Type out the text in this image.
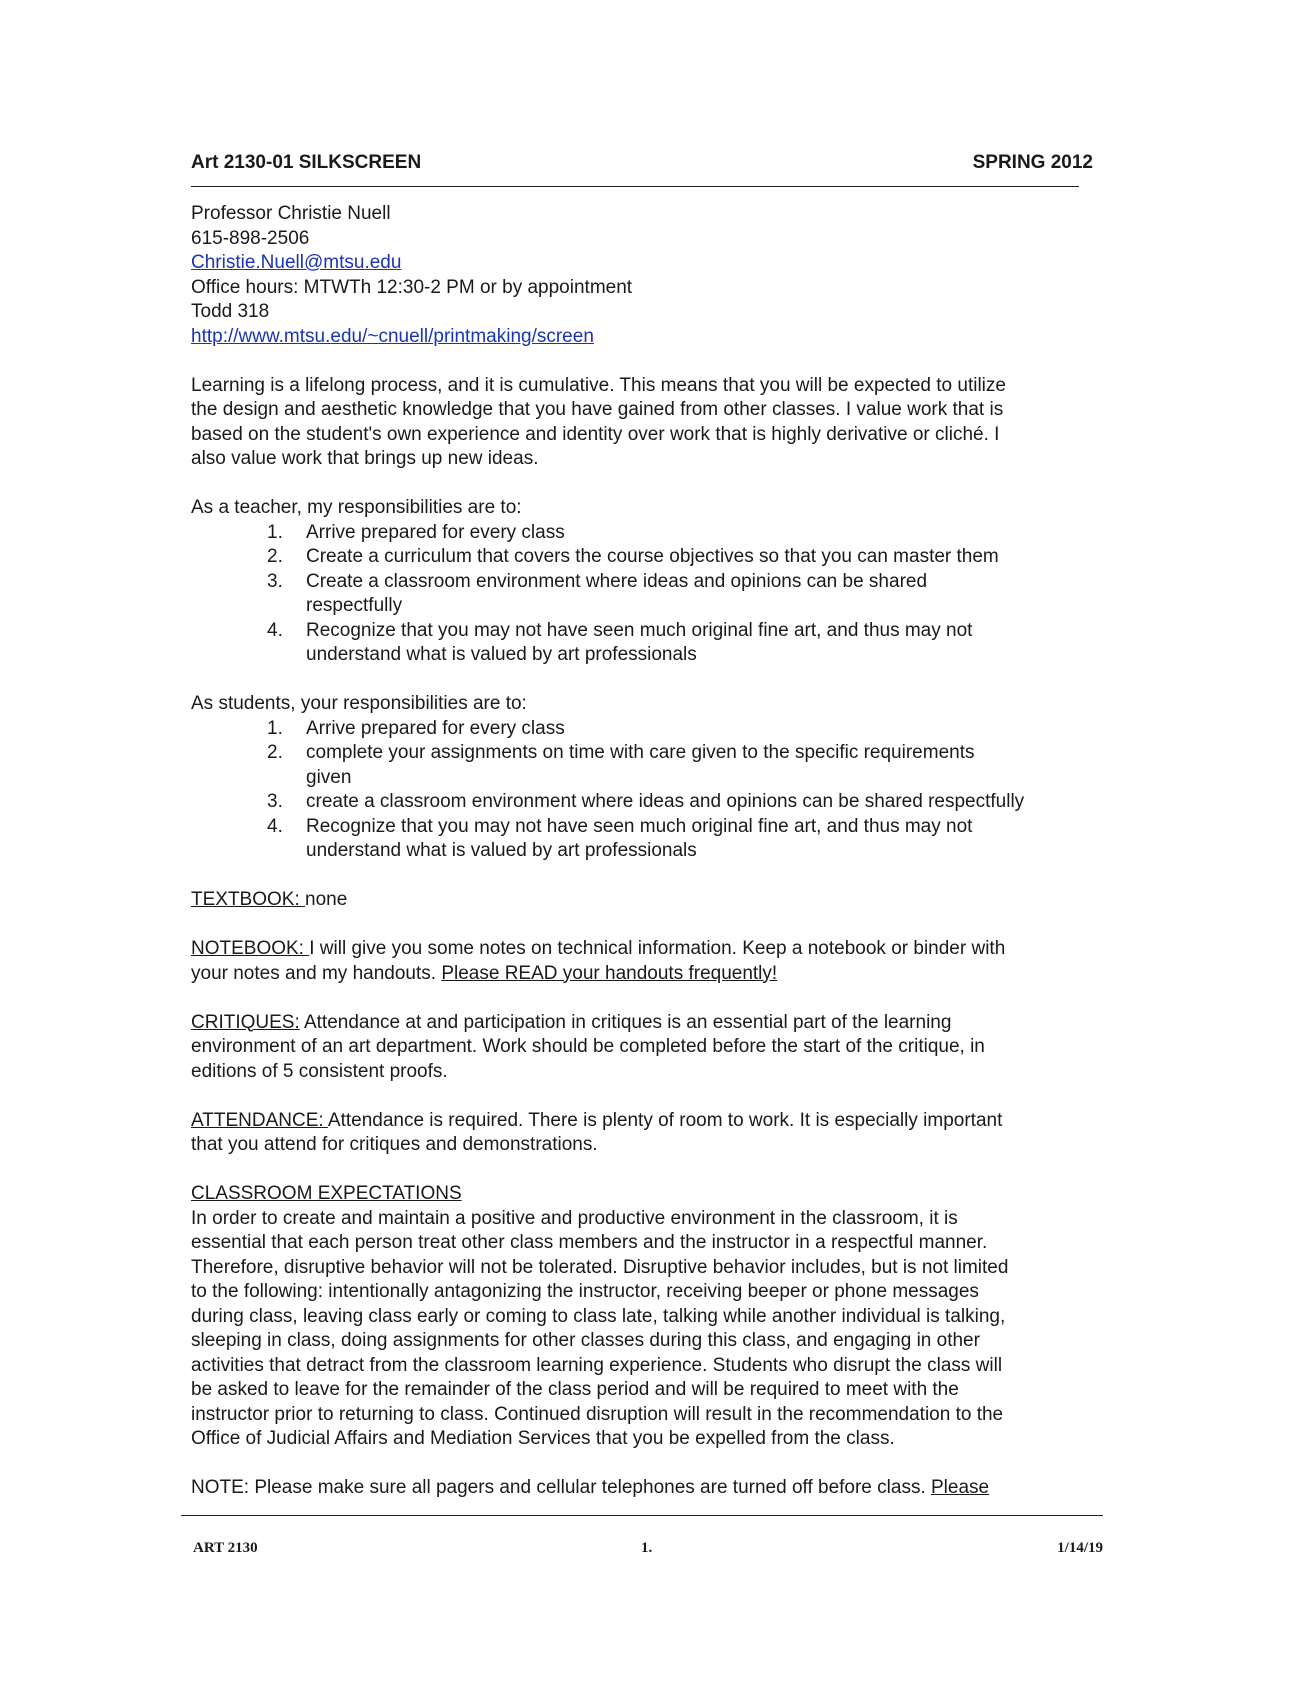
Art 2130-01 SILKSCREEN	SPRING 2012

Professor Christie Nuell

615-898-2506

Christie.Nuell@mtsu.edu

Office hours: MTWTh 12:30-2 PM or by appointment

Todd 318

http://www.mtsu.edu/~cnuell/printmaking/screen

Learning is a lifelong process, and it is cumulative. This means that you will be expected to utilize

the design and aesthetic knowledge that you have gained from other classes. I value work that is

based on the student's own experience and identity over work that is highly derivative or cliché. I

also value work that brings up new ideas.

As a teacher, my responsibilities are to:

1. Arrive prepared for every class
2. Create a curriculum that covers the course objectives so that you can master them
3. Create a classroom environment where ideas and opinions can be shared
respectfully
4. Recognize that you may not have seen much original fine art, and thus may not
understand what is valued by art professionals

As students, your responsibilities are to:

1. Arrive prepared for every class
2. complete your assignments on time with care given to the specific requirements
given
3. create a classroom environment where ideas and opinions can be shared respectfully
4. Recognize that you may not have seen much original fine art, and thus may not
understand what is valued by art professionals

TEXTBOOK: none

NOTEBOOK: I will give you some notes on technical information. Keep a notebook or binder with

your notes and my handouts. Please READ your handouts frequently!

CRITIQUES: Attendance at and participation in critiques is an essential part of the learning

environment of an art department. Work should be completed before the start of the critique, in

editions of 5 consistent proofs.

ATTENDANCE: Attendance is required. There is plenty of room to work. It is especially important

that you attend for critiques and demonstrations.

CLASSROOM EXPECTATIONS

In order to create and maintain a positive and productive environment in the classroom, it is

essential that each person treat other class members and the instructor in a respectful manner.

Therefore, disruptive behavior will not be tolerated. Disruptive behavior includes, but is not limited

to the following: intentionally antagonizing the instructor, receiving beeper or phone messages

during class, leaving class early or coming to class late, talking while another individual is talking,

sleeping in class, doing assignments for other classes during this class, and engaging in other

activities that detract from the classroom learning experience. Students who disrupt the class will

be asked to leave for the remainder of the class period and will be required to meet with the

instructor prior to returning to class. Continued disruption will result in the recommendation to the

Office of Judicial Affairs and Mediation Services that you be expelled from the class.

NOTE: Please make sure all pagers and cellular telephones are turned off before class. Please

ART 2130	1.	1/14/19
